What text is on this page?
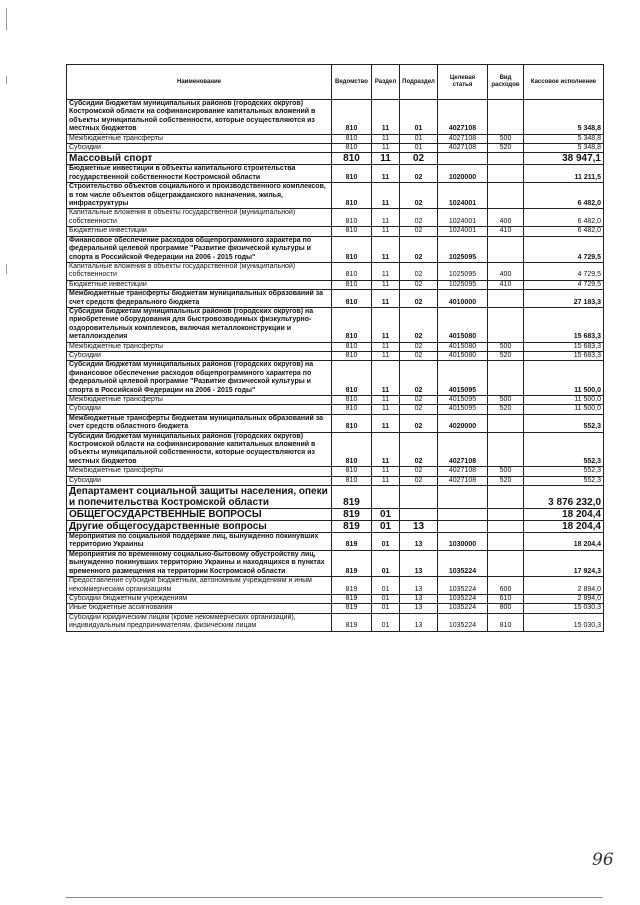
Наименование	Ведомство	Раздел	Подраздел	Целевая статья	Вид расходов	Кассовое исполнение
Субсидии бюджетам муниципальных районов (городских округов) Костромской области на софинансирование капитальных вложений в объекты муниципальной собственности, которые осуществляются из местных бюджетов	810	11	01	4027108		5 348,8
Межбюджетные трансферты	810	11	01	4027108	500	5 348,8
Субсидии	810	11	01	4027108	520	5 348,8
Массовый спорт	810	11	02			38 947,1
Бюджетные инвестиции в объекты капитального строительства государственной собственности Костромской области	810	11	02	1020000		11 211,5
Строительство объектов социального и производственного комплексов, в том числе объектов общегражданского назначения, жилья, инфраструктуры	810	11	02	1024001		6 482,0
Капитальные вложения в объекты государственной (муниципальной) собственности	810	11	02	1024001	400	6 482,0
Бюджетные инвестиции	810	11	02	1024001	410	6 482,0
Финансовое обеспечение расходов общепрограммного характера по федеральной целевой программе "Развитие физической культуры и спорта в Российской Федерации на 2006 - 2015 годы"	810	11	02	1025095		4 729,5
Капитальные вложения в объекты государственной (муниципальной) собственности	810	11	02	1025095	400	4 729,5
Бюджетные инвестиции	810	11	02	1025095	410	4 729,5
Межбюджетные трансферты бюджетам муниципальных образований за счет средств федерального бюджета	810	11	02	4010000		27 183,3
Субсидии бюджетам муниципальных районов (городских округов) на приобретение оборудования для быстровозводимых физкультурно-оздоровительных комплексов, включая металлоконструкции и металлоизделия	810	11	02	4015080		15 683,3
Межбюджетные трансферты	810	11	02	4015080	500	15 683,3
Субсидии	810	11	02	4015080	520	15 683,3
Субсидии бюджетам муниципальных районов (городских округов) на финансовое обеспечение расходов общепрограммного характера по федеральной целевой программе "Развитие физической культуры и спорта в Российской Федерации на 2006 - 2015 годы"	810	11	02	4015095		11 500,0
Межбюджетные трансферты	810	11	02	4015095	500	11 500,0
Субсидии	810	11	02	4015095	520	11 500,0
Межбюджетные трансферты бюджетам муниципальных образований за счет средств областного бюджета	810	11	02	4020000		552,3
Субсидии бюджетам муниципальных районов (городских округов) Костромской области на софинансирование капитальных вложений в объекты муниципальной собственности, которые осуществляются из местных бюджетов	810	11	02	4027108		552,3
Межбюджетные трансферты	810	11	02	4027108	500	552,3
Субсидии	810	11	02	4027108	520	552,3
Департамент социальной защиты населения, опеки и попечительства Костромской области	819					3 876 232,0
ОБЩЕГОСУДАРСТВЕННЫЕ ВОПРОСЫ	819	01				18 204,4
Другие общегосударственные вопросы	819	01	13			18 204,4
Мероприятия по социальной поддержке лиц, вынужденно покинувших территорию Украины	819	01	13	1030000		18 204,4
Мероприятия по временному социально-бытовому обустройству лиц, вынужденно покинувших территорию Украины и находящихся в пунктах временного размещения на территории Костромской области	819	01	13	1035224		17 924,3
Предоставление субсидий бюджетным, автономным учреждениям и иным некоммерческим организациям	819	01	13	1035224	600	2 894,0
Субсидии бюджетным учреждениям	819	01	13	1035224	610	2 894,0
Иные бюджетные ассигнования	819	01	13	1035224	800	15 030,3
Субсидии юридическим лицам (кроме некоммерческих организаций), индивидуальным предпринимателям, физическим лицам	819	01	13	1035224	810	15 030,3
96
